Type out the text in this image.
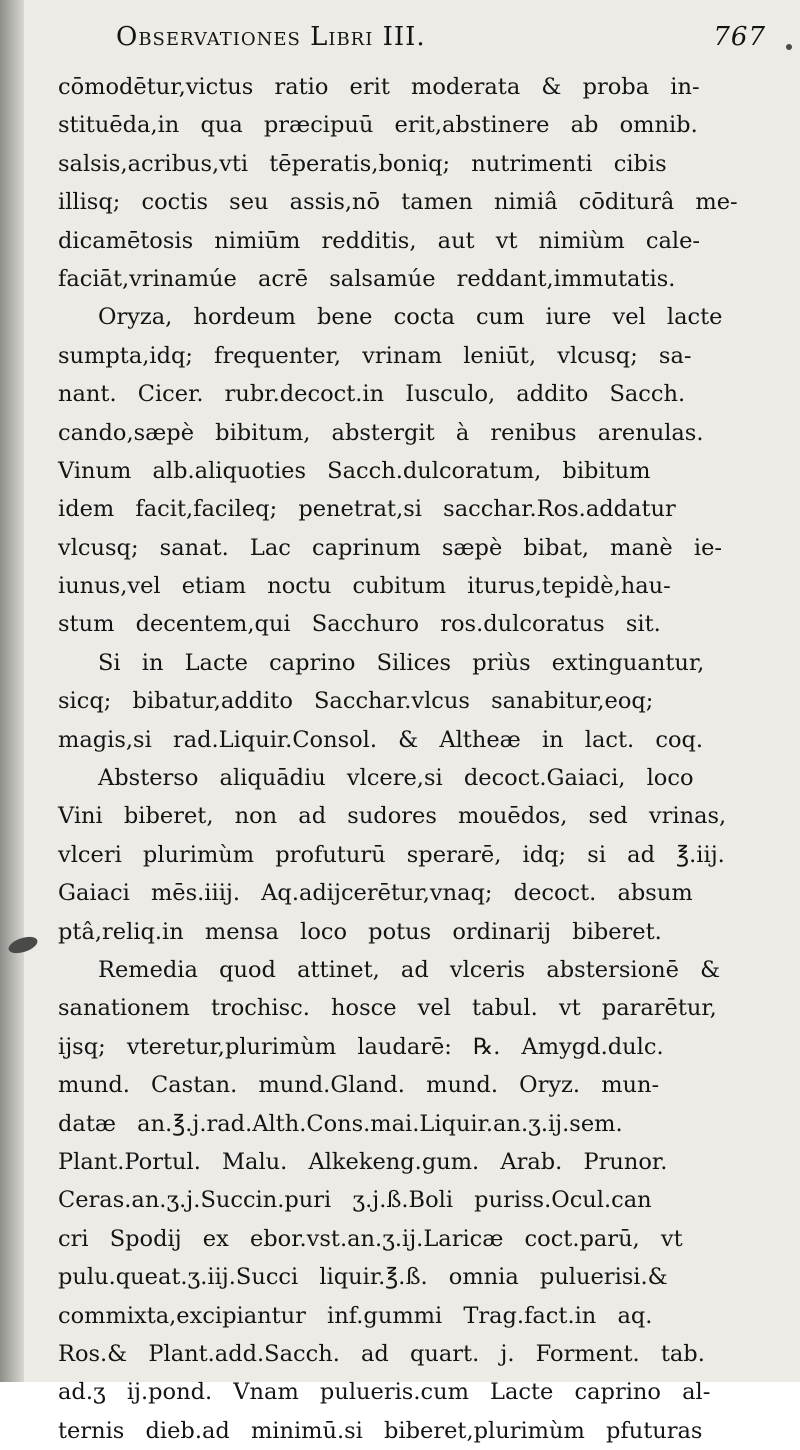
Observationes Libri III.	767
cōmodētur,victus ratio erit moderata & proba in-
stituēda,in qua præcipuū erit,abstinere ab omnib.
salsis,acribus,vti tēperatis,boniq; nutrimenti cibis
illisq; coctis seu assis,nō tamen nimiâ cōditurâ me-
dicamētosis nimiūm redditis, aut vt nimiùm cale-
faciāt,vrinamúe acrē salsamúe reddant,immutatis.
Oryza, hordeum bene cocta cum iure vel lacte
sumpta,idq; frequenter, vrinam leniūt, vlcusq; sa-
nant. Cicer. rubr.decoct.in Iusculo, addito Sacch.
cando,sæpè bibitum, abstergit à renibus arenulas.
Vinum alb.aliquoties Sacch.dulcoratum, bibitum
idem facit,facileq; penetrat,si sacchar.Ros.addatur
vlcusq; sanat. Lac caprinum sæpè bibat, manè ie-
iunus,vel etiam noctu cubitum iturus,tepidè,hau-
stum decentem,qui Sacchuro ros.dulcoratus sit.
Si in Lacte caprino Silices priùs extinguantur,
sicq; bibatur,addito Sacchar.vlcus sanabitur,eoq;
magis,si rad.Liquir.Consol. & Altheæ in lact. coq.
Absterso aliquādiu vlcere,si decoct.Gaiaci, loco
Vini biberet, non ad sudores mouēdos, sed vrinas,
vlceri plurimùm profuturū sperarē, idq; si ad ℥.iij.
Gaiaci mēs.iiij. Aq.adijcerētur,vnaq; decoct. absum
ptâ,reliq.in mensa loco potus ordinarij biberet.
Remedia quod attinet, ad vlceris abstersionē &
sanationem trochisc. hosce vel tabul. vt pararētur,
ijsq; vteretur,plurimùm laudarē: ℞. Amygd.dulc.
mund. Castan. mund.Gland. mund. Oryz. mun-
datæ an.℥.j.rad.Alth.Cons.mai.Liquir.an.ʒ.ij.sem.
Plant.Portul. Malu. Alkekeng.gum. Arab. Prunor.
Ceras.an.ʒ.j.Succin.puri ʒ.j.ß.Boli puriss.Ocul.can
cri Spodij ex ebor.vst.an.ʒ.ij.Laricæ coct.parū, vt
pulu.queat.ʒ.iij.Succi liquir.℥.ß. omnia puluerisi.&
commixta,excipiantur inf.gummi Trag.fact.in aq.
Ros.& Plant.add.Sacch. ad quart. j. Forment. tab.
ad.ʒ ij.pond. Vnam pulueris.cum Lacte caprino al-
ternis dieb.ad minimū.si biberet,plurimùm pfuturas
